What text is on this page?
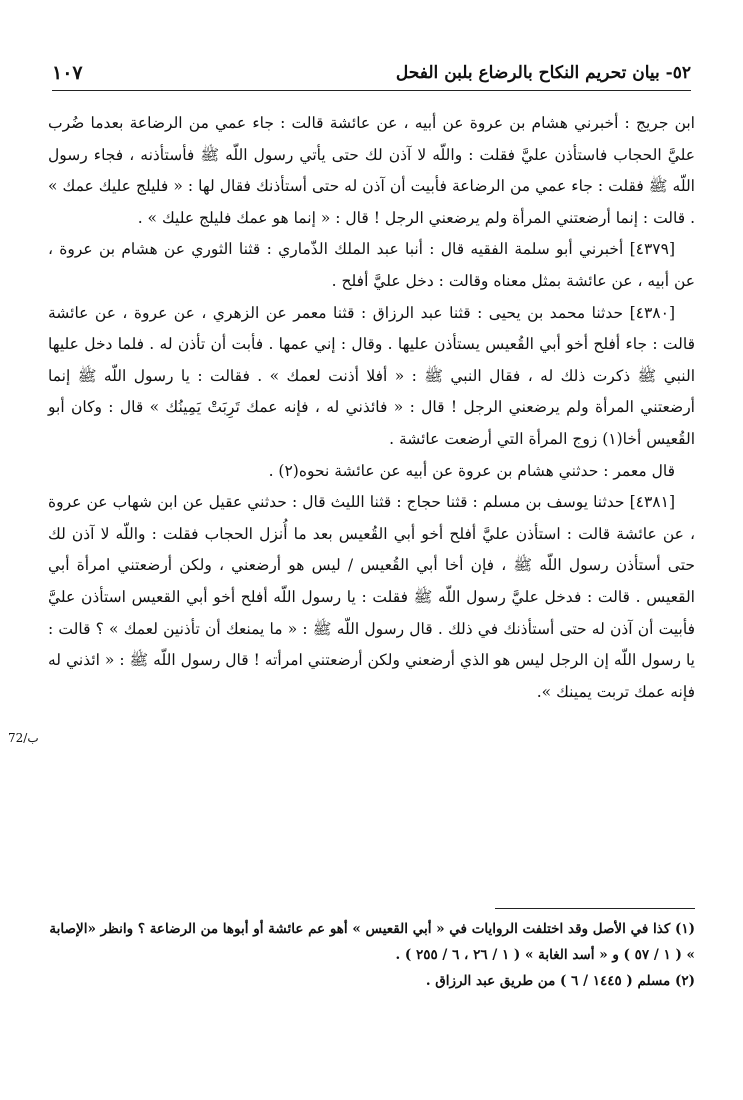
٥٢- بيان تحريم النكاح بالرضاع بلبن الفحل
١٠٧
72/ب

ابن جريج : أخبرني هشام بن عروة عن أبيه ، عن عائشة قالت : جاء عمي من الرضاعة بعدما ضُرب عليَّ الحجاب فاستأذن عليَّ فقلت : واللّه لا آذن لك حتى يأتي رسول اللّه ﷺ فأستأذنه ، فجاء رسول اللّه ﷺ فقلت : جاء عمي من الرضاعة فأبيت أن آذن له حتى أستأذنك فقال لها : « فليلج عليك عمك » . قالت : إنما أرضعتني المرأة ولم يرضعني الرجل ! قال : « إنما هو عمك فليلج عليك » .

[٤٣٧٩] أخبرني أبو سلمة الفقيه قال : أنبا عبد الملك الذّماري : قثنا الثوري عن هشام بن عروة ، عن أبيه ، عن عائشة بمثل معناه وقالت : دخل عليَّ أفلح .

[٤٣٨٠] حدثنا محمد بن يحيى : قثنا عبد الرزاق : قثنا معمر عن الزهري ، عن عروة ، عن عائشة قالت : جاء أفلح أخو أبي القُعيس يستأذن عليها . وقال : إني عمها . فأبت أن تأذن له . فلما دخل عليها النبي ﷺ ذكرت ذلك له ، فقال النبي ﷺ : « أفلا أذنت لعمك » . فقالت : يا رسول اللّه ﷺ إنما أرضعتني المرأة ولم يرضعني الرجل ! قال : « فائذني له ، فإنه عمك تَرِبَتْ يَمِينُك » قال : وكان أبو القُعيس أخا(١) زوج المرأة التي أرضعت عائشة .

قال معمر : حدثني هشام بن عروة عن أبيه عن عائشة نحوه(٢) .

[٤٣٨١] حدثنا يوسف بن مسلم : قثنا حجاج : قثنا الليث قال : حدثني عقيل عن ابن شهاب عن عروة ، عن عائشة قالت : استأذن عليَّ أفلح أخو أبي القُعيس بعد ما أُنزل الحجاب فقلت : واللّه لا آذن لك حتى أستأذن رسول اللّه ﷺ ، فإن أخا أبي القُعيس / ليس هو أرضعني ، ولكن أرضعتني امرأة أبي القعيس . قالت : فدخل عليَّ رسول اللّه ﷺ فقلت : يا رسول اللّه أفلح أخو أبي القعيس استأذن عليَّ فأبيت أن آذن له حتى أستأذنك في ذلك . قال رسول اللّه ﷺ : « ما يمنعك أن تأذنين لعمك » ؟ قالت : يا رسول اللّه إن الرجل ليس هو الذي أرضعني ولكن أرضعتني امرأته ! قال رسول اللّه ﷺ : « ائذني له فإنه عمك تربت يمينك ».

(١) كذا في الأصل وقد اختلفت الروايات في « أبي القعيس » أهو عم عائشة أو أبوها من الرضاعة ؟ وانظر «الإصابة » ( ١ / ٥٧ ) و « أسد الغابة » ( ١ / ٢٦ ، ٦ / ٢٥٥ ) .

(٢) مسلم ( ١٤٤٥ / ٦ ) من طريق عبد الرزاق .
